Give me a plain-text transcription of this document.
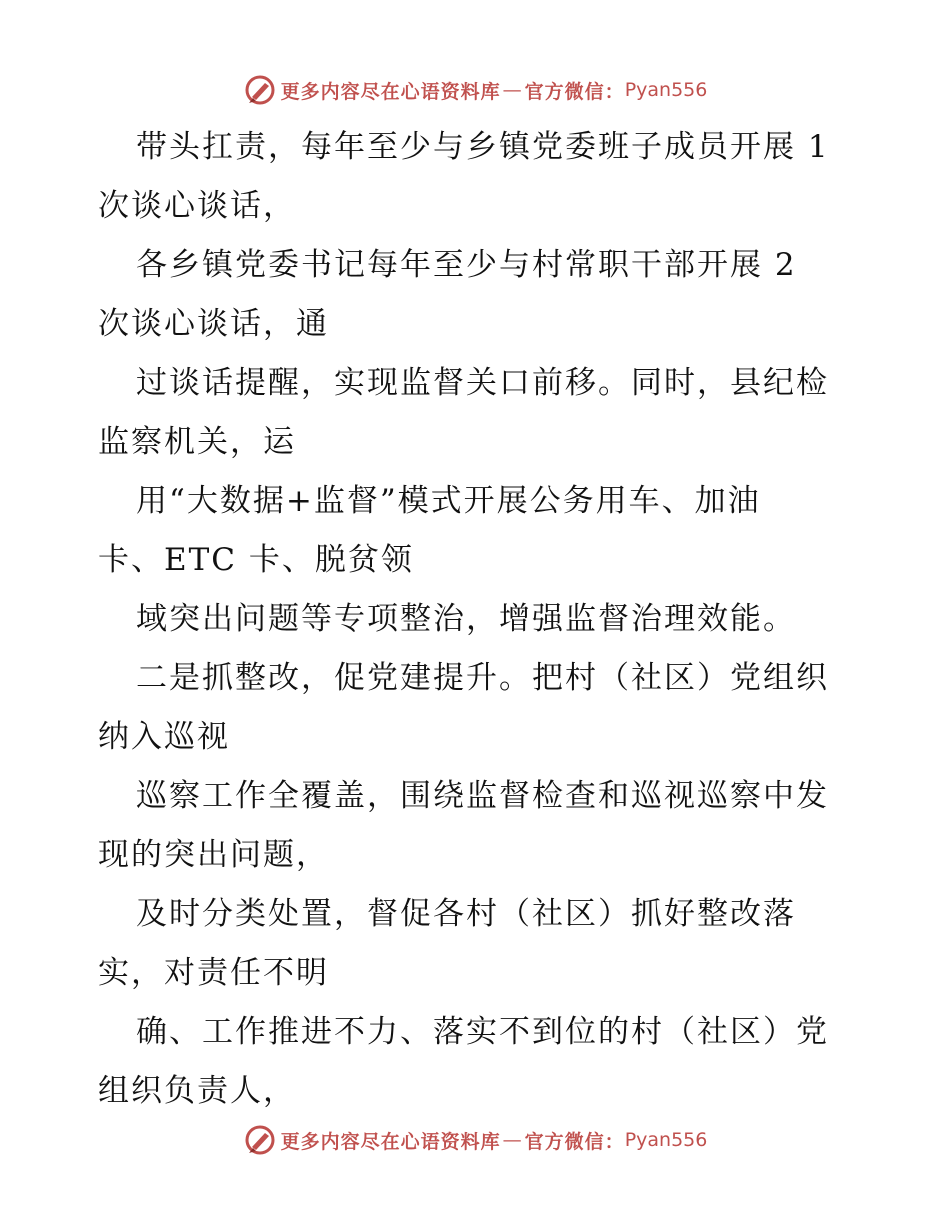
更多内容尽在心语资料库 — 官方微信： Pyan556
带头扛责，每年至少与乡镇党委班子成员开展 1
次谈心谈话，
各乡镇党委书记每年至少与村常职干部开展 2
次谈心谈话，通
过谈话提醒，实现监督关口前移。同时，县纪检
监察机关，运
用“大数据+监督”模式开展公务用车、加油
卡、ETC 卡、脱贫领
域突出问题等专项整治，增强监督治理效能。
二是抓整改，促党建提升。把村（社区）党组织
纳入巡视
巡察工作全覆盖，围绕监督检查和巡视巡察中发
现的突出问题，
及时分类处置，督促各村（社区）抓好整改落
实，对责任不明
确、工作推进不力、落实不到位的村（社区）党
组织负责人，
更多内容尽在心语资料库 — 官方微信： Pyan556
